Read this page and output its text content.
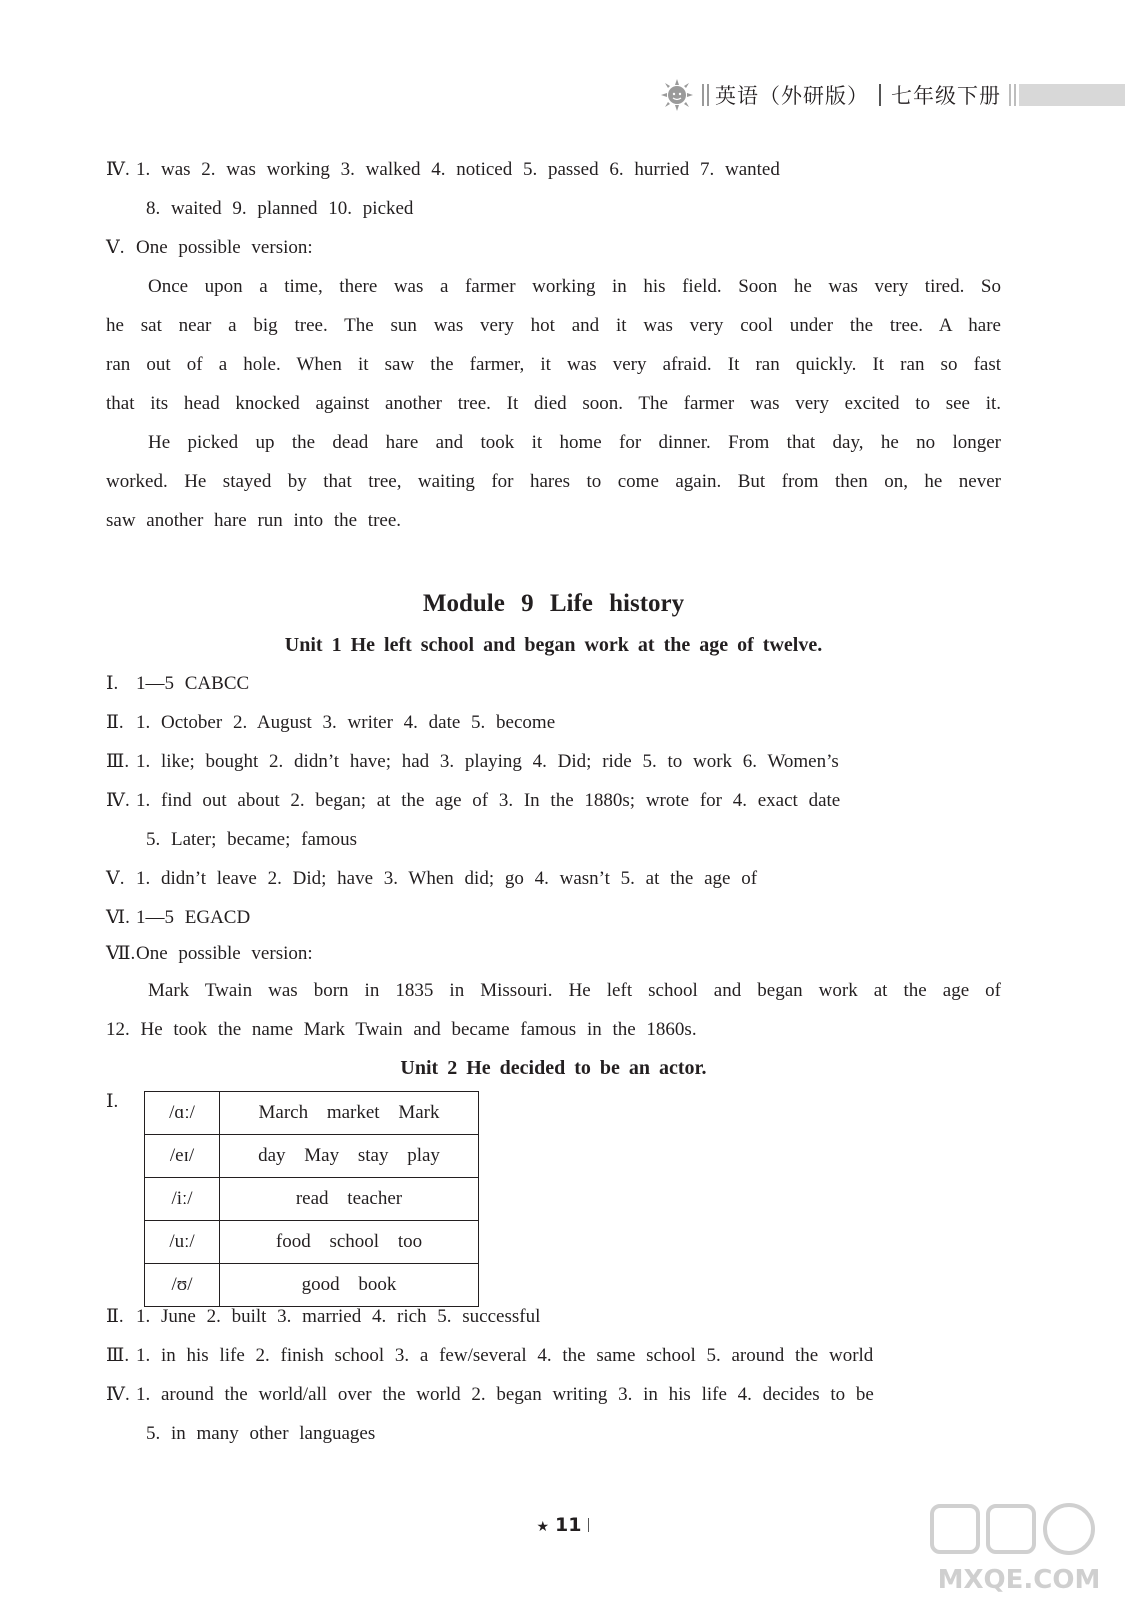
英语（外研版） 七年级下册
Ⅳ. 1. was 2. was working 3. walked 4. noticed 5. passed 6. hurried 7. wanted
8. waited 9. planned 10. picked
Ⅴ. One possible version:
Once upon a time, there was a farmer working in his field. Soon he was very tired. So
he sat near a big tree. The sun was very hot and it was very cool under the tree. A hare
ran out of a hole. When it saw the farmer, it was very afraid. It ran quickly. It ran so fast
that its head knocked against another tree. It died soon. The farmer was very excited to see it.
He picked up the dead hare and took it home for dinner. From that day, he no longer
worked. He stayed by that tree, waiting for hares to come again. But from then on, he never
saw another hare run into the tree.
Module 9 Life history
Unit 1 He left school and began work at the age of twelve.
Ⅰ. 1—5 CABCC
Ⅱ. 1. October 2. August 3. writer 4. date 5. become
Ⅲ. 1. like; bought 2. didn’t have; had 3. playing 4. Did; ride 5. to work 6. Women’s
Ⅳ. 1. find out about 2. began; at the age of 3. In the 1880s; wrote for 4. exact date
5. Later; became; famous
Ⅴ. 1. didn’t leave 2. Did; have 3. When did; go 4. wasn’t 5. at the age of
Ⅵ. 1—5 EGACD
Ⅶ.One possible version:
Mark Twain was born in 1835 in Missouri. He left school and began work at the age of
12. He took the name Mark Twain and became famous in the 1860s.
Unit 2 He decided to be an actor.
Ⅰ.
/ɑː/	March market Mark
/eɪ/	day May stay play
/iː/	read teacher
/uː/	food school too
/ʊ/	good book
Ⅱ. 1. June 2. built 3. married 4. rich 5. successful
Ⅲ. 1. in his life 2. finish school 3. a few/several 4. the same school 5. around the world
Ⅳ. 1. around the world/all over the world 2. began writing 3. in his life 4. decides to be
5. in many other languages
★ 11
MXQE.COM
